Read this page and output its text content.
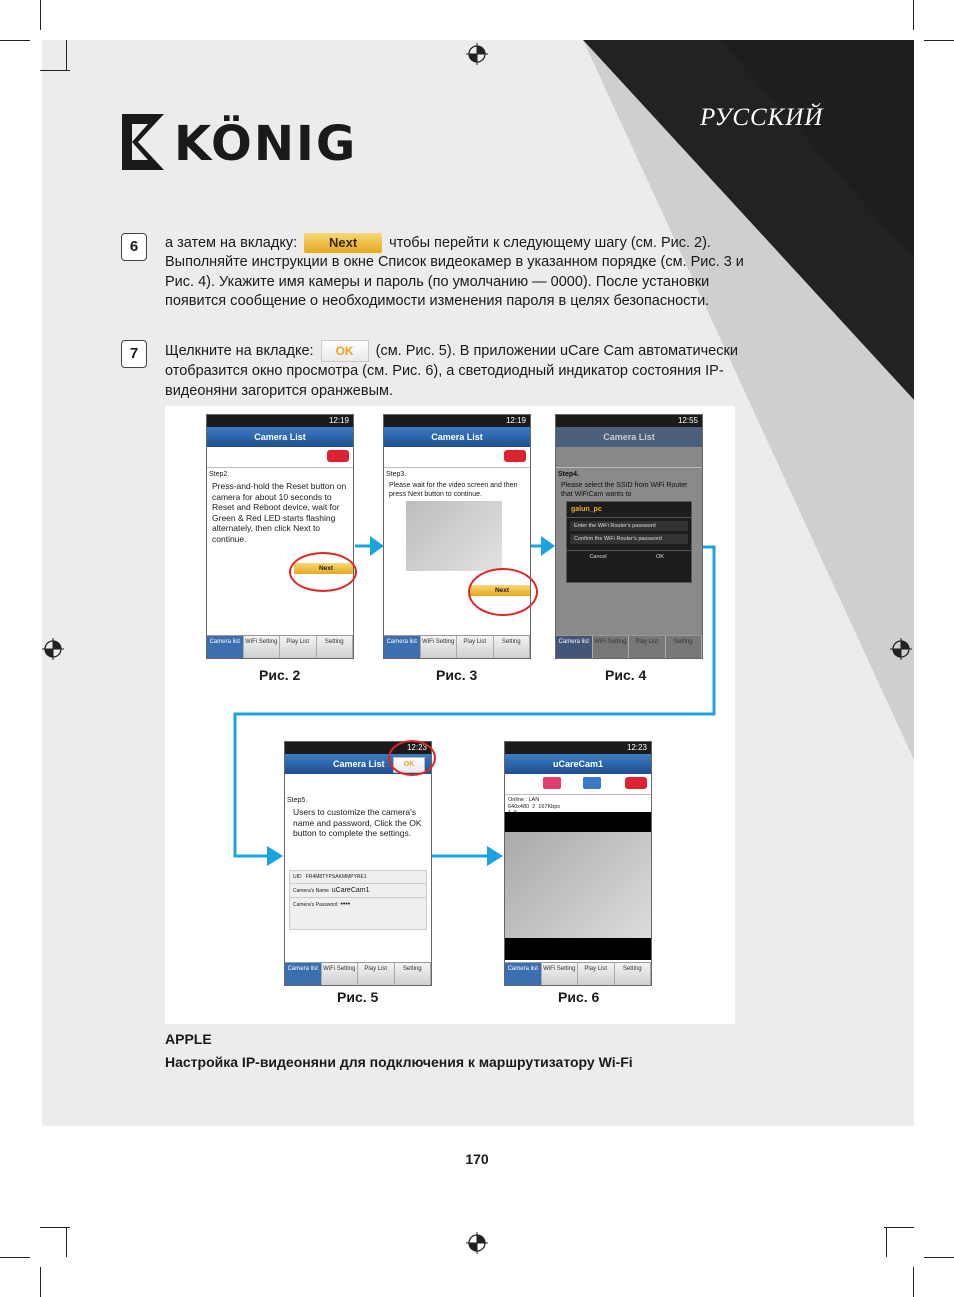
KÖNIG	РУССКИЙ
6	а затем на вкладку: Next чтобы перейти к следующему шагу (см. Рис. 2).
Выполняйте инструкции в окне Список видеокамер в указанном порядке (см. Рис. 3 и Рис. 4). Укажите имя камеры и пароль (по умолчанию — 0000). После установки появится сообщение о необходимости изменения пароля в целях безопасности.
7	Щелкните на вкладке: OK (см. Рис. 5). В приложении uCare Cam автоматически
отобразится окно просмотра (см. Рис. 6), а светодиодный индикатор состояния IP-видеоняни загорится оранжевым.
12:19
Camera List
Step2.
Press-and-hold the Reset button on camera for about 10 seconds to Reset and Reboot device, wait for Green & Red LED starts flashing alternately, then click Next to continue.
Next
Camera list WiFi Setting	Play List	Setting
Рис. 2
12:19
Camera List
Step3.
Please wait for the video screen and then press Next button to continue.
Next
Camera list WiFi Setting	Play List	Setting
Рис. 3
12:55
Camera List
Step4.
Please select the SSID from WiFi Router that WiFiCam wants to
galun_pc
Enter the WiFi Router's password
Confirm the WiFi Router's password
Cancel	OK
Camera list WiFi Setting	Play List	Setting
Рис. 4
12:23
Camera List	OK
Step5.
Users to customize the camera's name and password, Click the OK button to complete the settings.
UID FR4M8TYPSAKMMPYRE1
Camera's Name uCareCam1
Camera's Password ••••
Camera list WiFi Setting	Play List	Setting
Рис. 5
12:23
uCareCam1
Online : LAN
640x480 2 167Kbps

Camera list WiFi Setting	Play List	Setting
Рис. 6
APPLE
Настройка IP-видеоняни для подключения к маршрутизатору Wi-Fi
170
